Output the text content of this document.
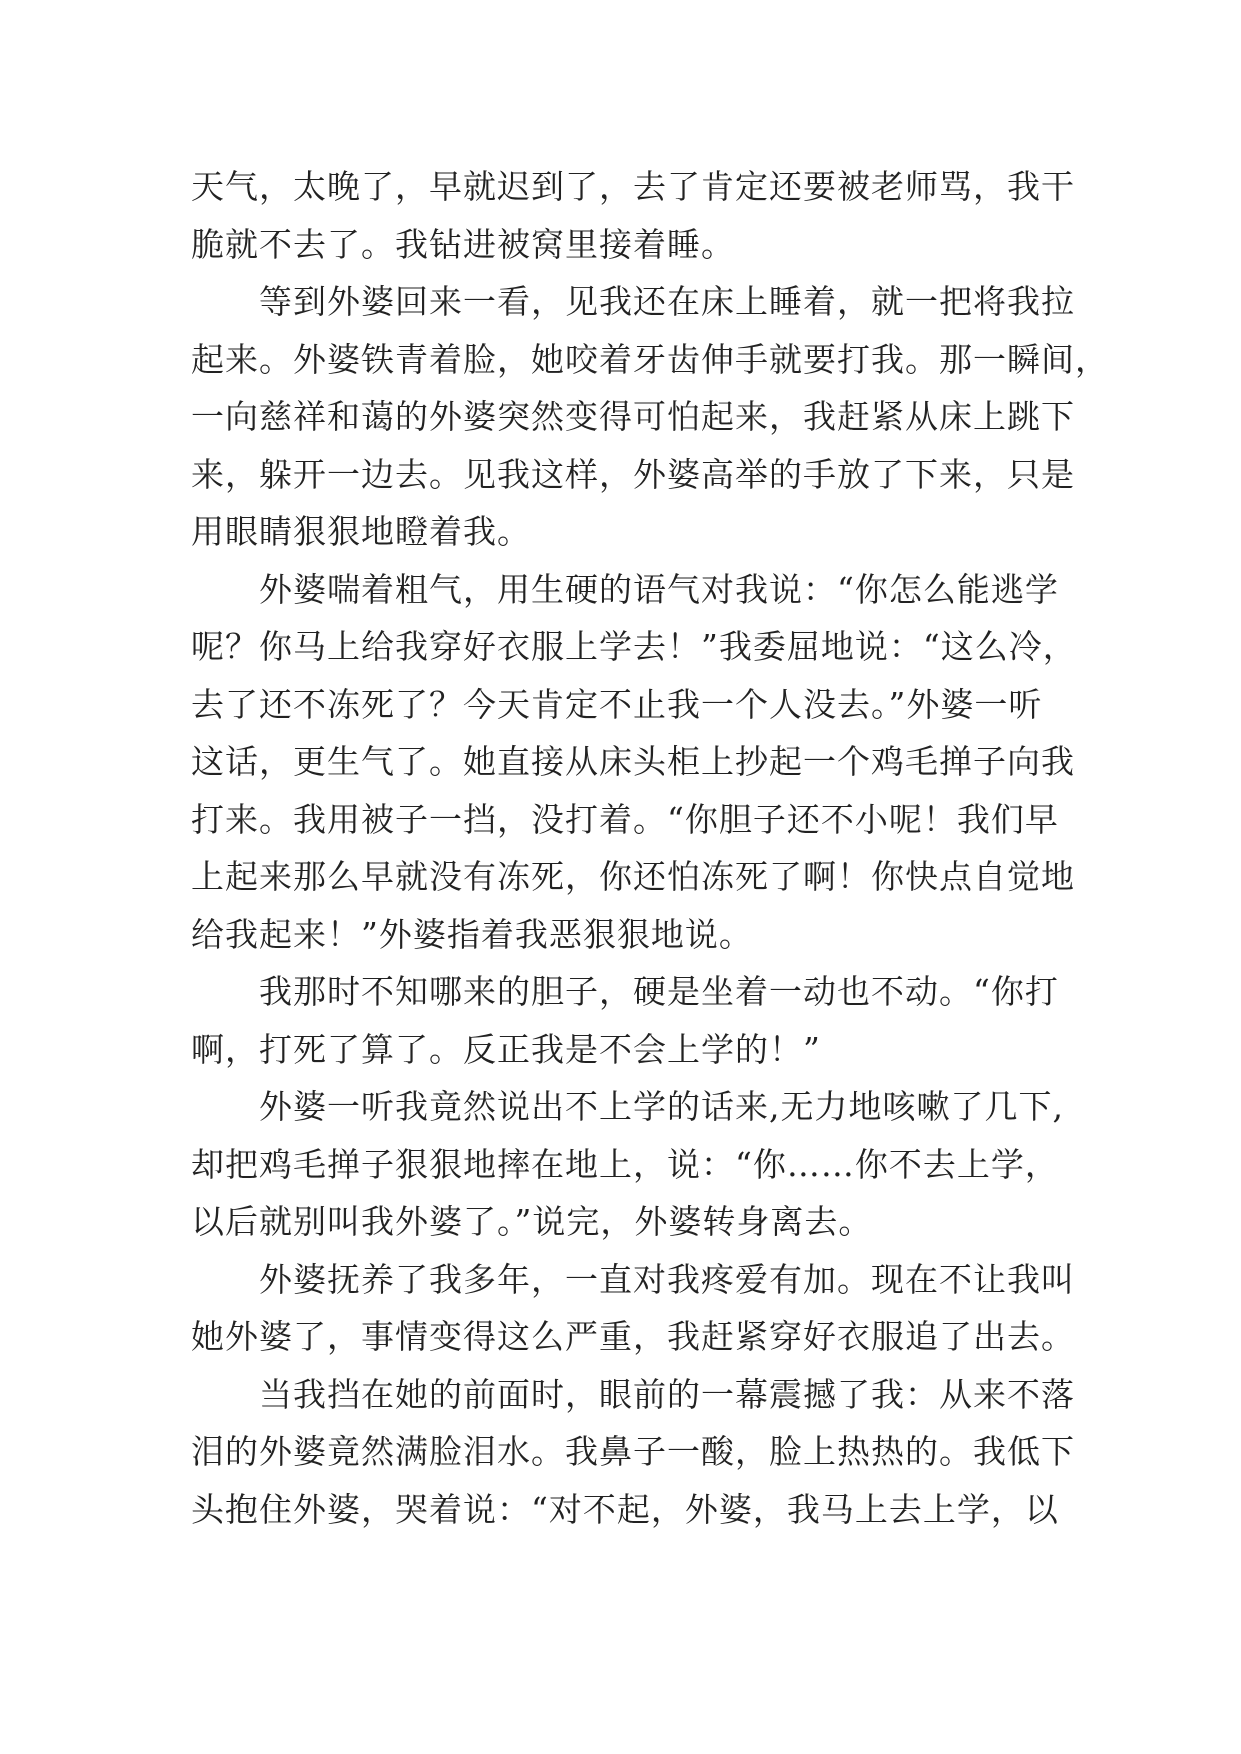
天气，太晚了，早就迟到了，去了肯定还要被老师骂，我干
脆就不去了。我钻进被窝里接着睡。
等到外婆回来一看，见我还在床上睡着，就一把将我拉
起来。外婆铁青着脸，她咬着牙齿伸手就要打我。那一瞬间，
一向慈祥和蔼的外婆突然变得可怕起来，我赶紧从床上跳下
来，躲开一边去。见我这样，外婆高举的手放了下来，只是
用眼睛狠狠地瞪着我。
外婆喘着粗气，用生硬的语气对我说：“你怎么能逃学
呢？你马上给我穿好衣服上学去！”我委屈地说：“这么冷，
去了还不冻死了？今天肯定不止我一个人没去。”外婆一听
这话，更生气了。她直接从床头柜上抄起一个鸡毛掸子向我
打来。我用被子一挡，没打着。“你胆子还不小呢！我们早
上起来那么早就没有冻死，你还怕冻死了啊！你快点自觉地
给我起来！”外婆指着我恶狠狠地说。
我那时不知哪来的胆子，硬是坐着一动也不动。“你打
啊，打死了算了。反正我是不会上学的！”
外婆一听我竟然说出不上学的话来,无力地咳嗽了几下,
却把鸡毛掸子狠狠地摔在地上，说：“你……你不去上学，
以后就别叫我外婆了。”说完，外婆转身离去。
外婆抚养了我多年，一直对我疼爱有加。现在不让我叫
她外婆了，事情变得这么严重，我赶紧穿好衣服追了出去。
当我挡在她的前面时，眼前的一幕震撼了我：从来不落
泪的外婆竟然满脸泪水。我鼻子一酸，脸上热热的。我低下
头抱住外婆，哭着说：“对不起，外婆，我马上去上学，以
